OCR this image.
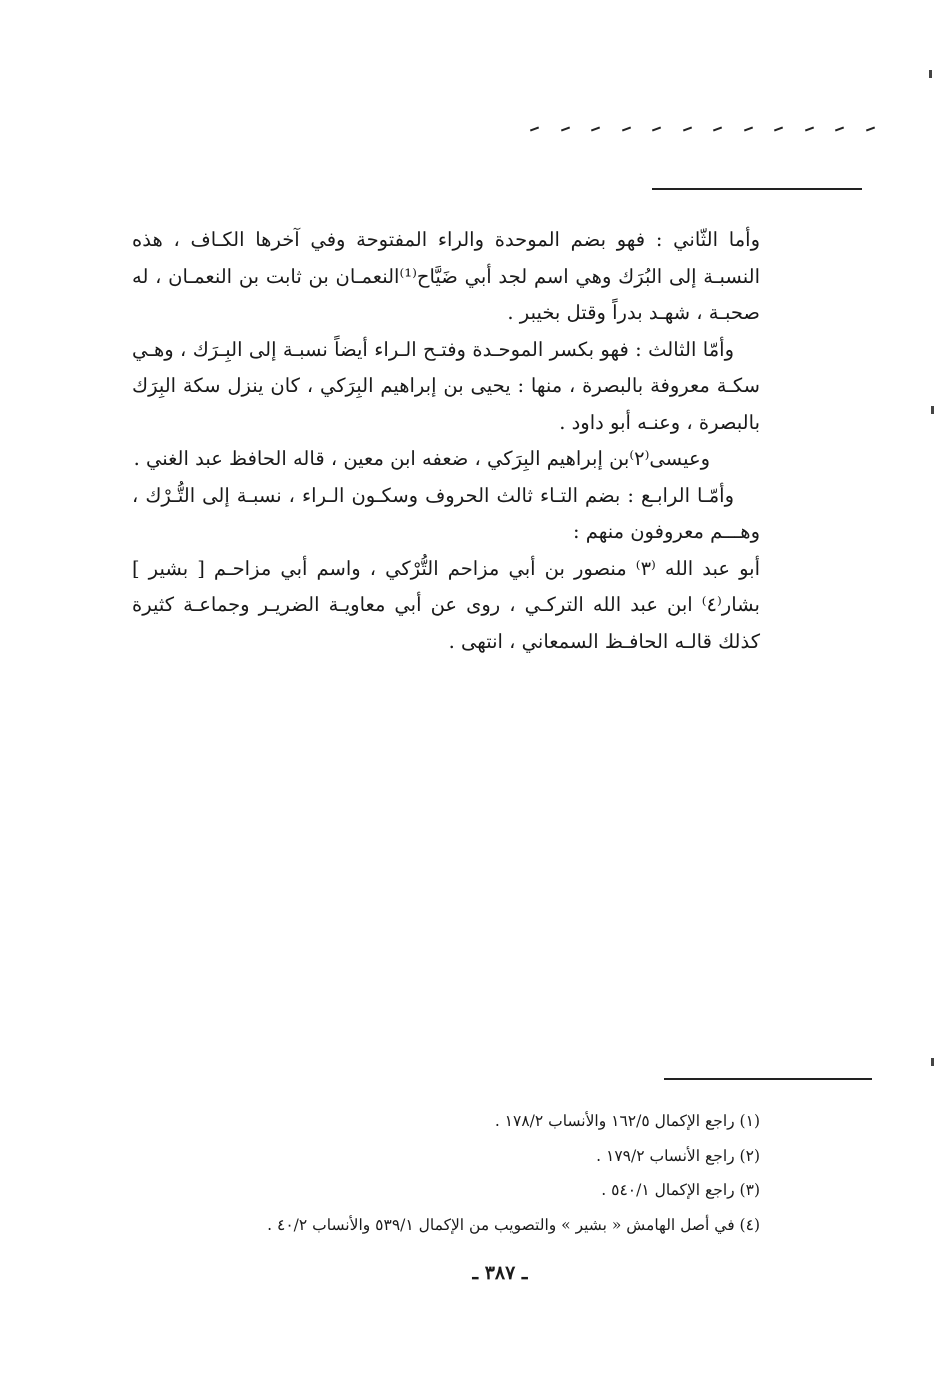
وأما الثّاني : فهو بضم الموحدة والراء المفتوحة وفي آخرها الكـاف ، هذه النسبـة إلى البُرَك وهي اسم لجد أبي ضَيَّاح⁽¹⁾النعمـان بن ثابت بن النعمـان ، له صحبـة ، شهـد بدراً وقتل بخيبر .

وأمّا الثالث : فهو بكسر الموحـدة وفتـح الـراء أيضاً نسبـة إلى البِـرَك ، وهـي سكـة معروفة بالبصرة ، منها : يحيى بن إبراهيم البِرَكي ، كان ينزل سكة البِرَك بالبصرة ، وعنـه أبو داود .

وعيسى⁽٢⁾بن إبراهيم البِرَكي ، ضعفه ابن معين ، قاله الحافظ عبد الغني .

وأمّـا الرابـع : بضم التـاء ثالث الحروف وسكـون الـراء ، نسبـة إلى التُّـرْك ، وهـــم معروفون منهم :

أبو عبد الله ⁽٣⁾ منصور بن أبي مزاحم التُّرْكي ، واسم أبي مزاحـم [ بشير ] بشار⁽٤⁾ ابن عبد الله التركـي ، روى عن أبي معاويـة الضريـر وجماعـة كثيرة كذلك قالـه الحافـظ السمعاني ، انتهى .

(١) راجع الإكمال ١٦٢/٥ والأنساب ١٧٨/٢ .

(٢) راجع الأنساب ١٧٩/٢ .

(٣) راجع الإكمال ٥٤٠/١ .

(٤) في أصل الهامش « بشير » والتصويب من الإكمال ٥٣٩/١ والأنساب ٤٠/٢ .

ـ ٣٨٧ ـ
